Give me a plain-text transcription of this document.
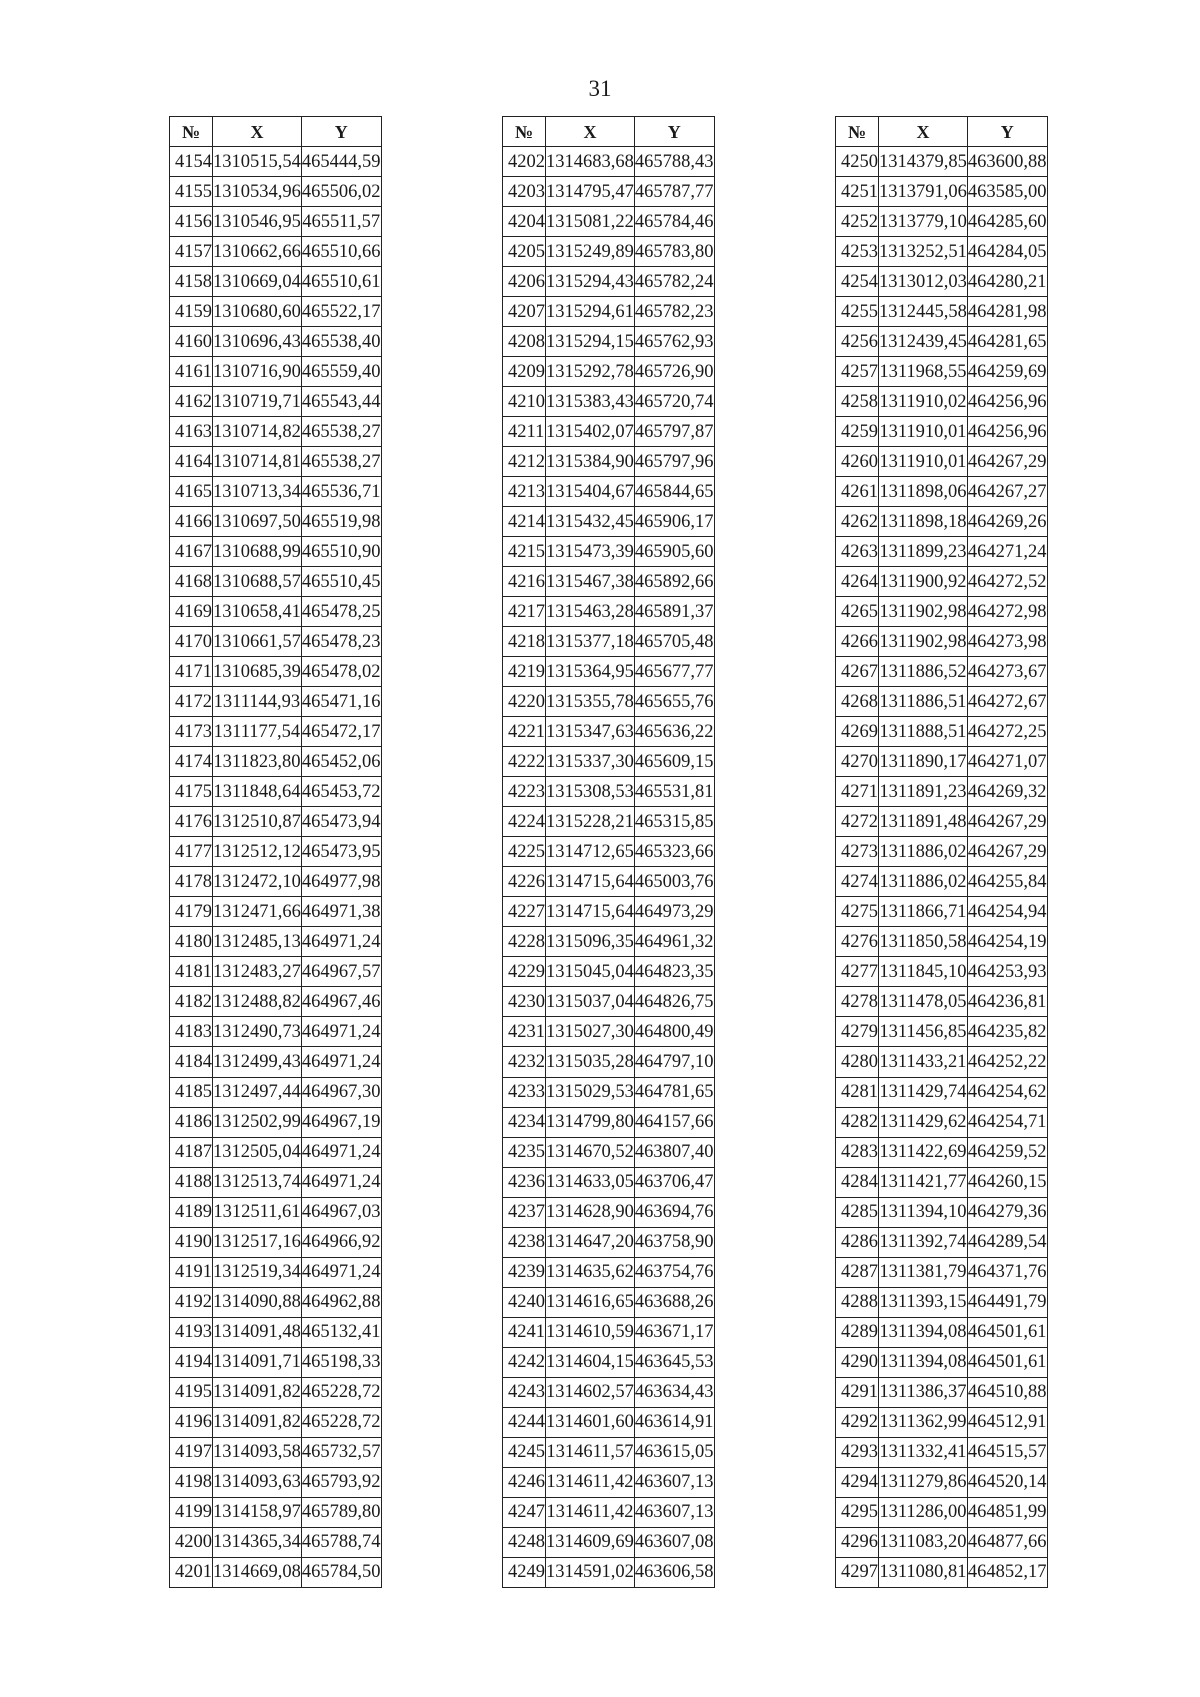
31
№	X	Y
4154	1310515,54	465444,59
4155	1310534,96	465506,02
4156	1310546,95	465511,57
4157	1310662,66	465510,66
4158	1310669,04	465510,61
4159	1310680,60	465522,17
4160	1310696,43	465538,40
4161	1310716,90	465559,40
4162	1310719,71	465543,44
4163	1310714,82	465538,27
4164	1310714,81	465538,27
4165	1310713,34	465536,71
4166	1310697,50	465519,98
4167	1310688,99	465510,90
4168	1310688,57	465510,45
4169	1310658,41	465478,25
4170	1310661,57	465478,23
4171	1310685,39	465478,02
4172	1311144,93	465471,16
4173	1311177,54	465472,17
4174	1311823,80	465452,06
4175	1311848,64	465453,72
4176	1312510,87	465473,94
4177	1312512,12	465473,95
4178	1312472,10	464977,98
4179	1312471,66	464971,38
4180	1312485,13	464971,24
4181	1312483,27	464967,57
4182	1312488,82	464967,46
4183	1312490,73	464971,24
4184	1312499,43	464971,24
4185	1312497,44	464967,30
4186	1312502,99	464967,19
4187	1312505,04	464971,24
4188	1312513,74	464971,24
4189	1312511,61	464967,03
4190	1312517,16	464966,92
4191	1312519,34	464971,24
4192	1314090,88	464962,88
4193	1314091,48	465132,41
4194	1314091,71	465198,33
4195	1314091,82	465228,72
4196	1314091,82	465228,72
4197	1314093,58	465732,57
4198	1314093,63	465793,92
4199	1314158,97	465789,80
4200	1314365,34	465788,74
4201	1314669,08	465784,50
№	X	Y
4202	1314683,68	465788,43
4203	1314795,47	465787,77
4204	1315081,22	465784,46
4205	1315249,89	465783,80
4206	1315294,43	465782,24
4207	1315294,61	465782,23
4208	1315294,15	465762,93
4209	1315292,78	465726,90
4210	1315383,43	465720,74
4211	1315402,07	465797,87
4212	1315384,90	465797,96
4213	1315404,67	465844,65
4214	1315432,45	465906,17
4215	1315473,39	465905,60
4216	1315467,38	465892,66
4217	1315463,28	465891,37
4218	1315377,18	465705,48
4219	1315364,95	465677,77
4220	1315355,78	465655,76
4221	1315347,63	465636,22
4222	1315337,30	465609,15
4223	1315308,53	465531,81
4224	1315228,21	465315,85
4225	1314712,65	465323,66
4226	1314715,64	465003,76
4227	1314715,64	464973,29
4228	1315096,35	464961,32
4229	1315045,04	464823,35
4230	1315037,04	464826,75
4231	1315027,30	464800,49
4232	1315035,28	464797,10
4233	1315029,53	464781,65
4234	1314799,80	464157,66
4235	1314670,52	463807,40
4236	1314633,05	463706,47
4237	1314628,90	463694,76
4238	1314647,20	463758,90
4239	1314635,62	463754,76
4240	1314616,65	463688,26
4241	1314610,59	463671,17
4242	1314604,15	463645,53
4243	1314602,57	463634,43
4244	1314601,60	463614,91
4245	1314611,57	463615,05
4246	1314611,42	463607,13
4247	1314611,42	463607,13
4248	1314609,69	463607,08
4249	1314591,02	463606,58
№	X	Y
4250	1314379,85	463600,88
4251	1313791,06	463585,00
4252	1313779,10	464285,60
4253	1313252,51	464284,05
4254	1313012,03	464280,21
4255	1312445,58	464281,98
4256	1312439,45	464281,65
4257	1311968,55	464259,69
4258	1311910,02	464256,96
4259	1311910,01	464256,96
4260	1311910,01	464267,29
4261	1311898,06	464267,27
4262	1311898,18	464269,26
4263	1311899,23	464271,24
4264	1311900,92	464272,52
4265	1311902,98	464272,98
4266	1311902,98	464273,98
4267	1311886,52	464273,67
4268	1311886,51	464272,67
4269	1311888,51	464272,25
4270	1311890,17	464271,07
4271	1311891,23	464269,32
4272	1311891,48	464267,29
4273	1311886,02	464267,29
4274	1311886,02	464255,84
4275	1311866,71	464254,94
4276	1311850,58	464254,19
4277	1311845,10	464253,93
4278	1311478,05	464236,81
4279	1311456,85	464235,82
4280	1311433,21	464252,22
4281	1311429,74	464254,62
4282	1311429,62	464254,71
4283	1311422,69	464259,52
4284	1311421,77	464260,15
4285	1311394,10	464279,36
4286	1311392,74	464289,54
4287	1311381,79	464371,76
4288	1311393,15	464491,79
4289	1311394,08	464501,61
4290	1311394,08	464501,61
4291	1311386,37	464510,88
4292	1311362,99	464512,91
4293	1311332,41	464515,57
4294	1311279,86	464520,14
4295	1311286,00	464851,99
4296	1311083,20	464877,66
4297	1311080,81	464852,17
